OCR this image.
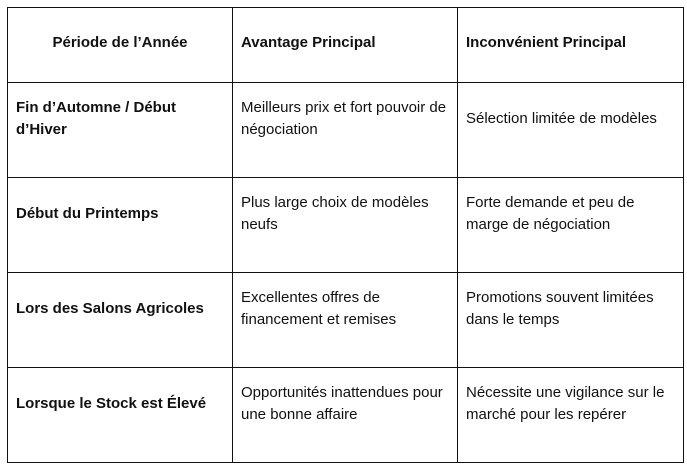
Période de l’Année	Avantage Principal	Inconvénient Principal

Fin d’Automne / Début d’Hiver	Meilleurs prix et fort pouvoir de négociation	Sélection limitée de modèles

Début du Printemps	Plus large choix de modèles neufs	Forte demande et peu de marge de négociation

Lors des Salons Agricoles	Excellentes offres de financement et remises	Promotions souvent limitées dans le temps

Lorsque le Stock est Élevé	Opportunités inattendues pour une bonne affaire	Nécessite une vigilance sur le marché pour les repérer
